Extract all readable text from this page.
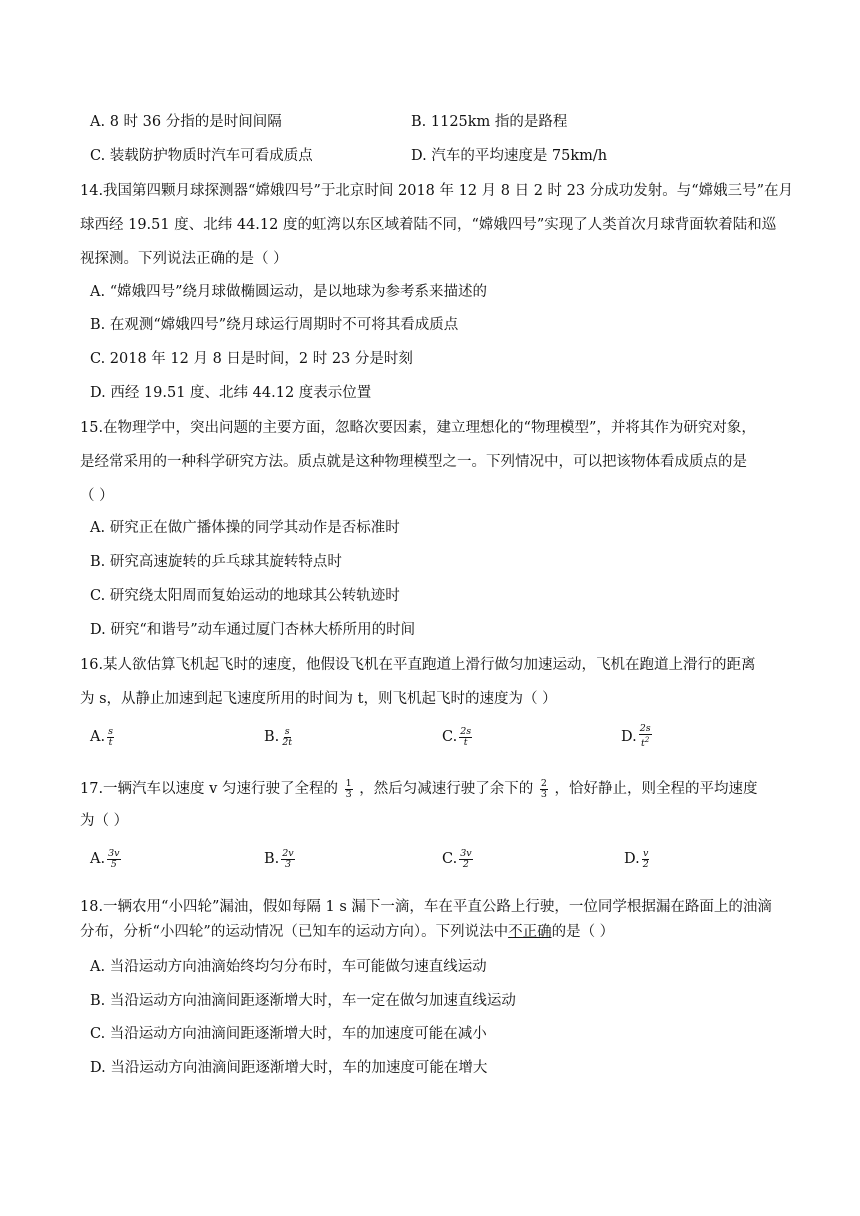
A. 8 时 36 分指的是时间间隔	B. 1125km 指的是路程
C. 装载防护物质时汽车可看成质点	D. 汽车的平均速度是 75km/h
14.我国第四颗月球探测器“嫦娥四号”于北京时间 2018 年 12 月 8 日 2 时 23 分成功发射。与“嫦娥三号”在月
球西经 19.51 度、北纬 44.12 度的虹湾以东区域着陆不同，“嫦娥四号”实现了人类首次月球背面软着陆和巡
视探测。下列说法正确的是（ ）
A. “嫦娥四号”绕月球做椭圆运动，是以地球为参考系来描述的
B. 在观测“嫦娥四号”绕月球运行周期时不可将其看成质点
C. 2018 年 12 月 8 日是时间，2 时 23 分是时刻
D. 西经 19.51 度、北纬 44.12 度表示位置
15.在物理学中，突出问题的主要方面，忽略次要因素，建立理想化的“物理模型”，并将其作为研究对象，
是经常采用的一种科学研究方法。质点就是这种物理模型之一。下列情况中，可以把该物体看成质点的是
（ ）
A. 研究正在做广播体操的同学其动作是否标准时
B. 研究高速旋转的乒乓球其旋转特点时
C. 研究绕太阳周而复始运动的地球其公转轨迹时
D. 研究“和谐号”动车通过厦门杏林大桥所用的时间
16.某人欲估算飞机起飞时的速度，他假设飞机在平直跑道上滑行做匀加速运动，飞机在跑道上滑行的距离
为 s，从静止加速到起飞速度所用的时间为 t，则飞机起飞时的速度为（ ）
A. $\frac{s}{t}$	B. $\frac{s}{2t}$	C. $\frac{2s}{t}$	D. $\frac{2s}{t^2}$
17.一辆汽车以速度 v 匀速行驶了全程的 $\frac{1}{3}$ ，然后匀减速行驶了余下的 $\frac{2}{3}$ ，恰好静止，则全程的平均速度
为（ ）
A. $\frac{3v}{5}$	B. $\frac{2v}{3}$	C. $\frac{3v}{2}$	D. $\frac{v}{2}$
18.一辆农用“小四轮”漏油，假如每隔 1 s 漏下一滴，车在平直公路上行驶，一位同学根据漏在路面上的油滴
分布，分析“小四轮”的运动情况（已知车的运动方向）。下列说法中不正确的是（ ）
A. 当沿运动方向油滴始终均匀分布时，车可能做匀速直线运动
B. 当沿运动方向油滴间距逐渐增大时，车一定在做匀加速直线运动
C. 当沿运动方向油滴间距逐渐增大时，车的加速度可能在减小
D. 当沿运动方向油滴间距逐渐增大时，车的加速度可能在增大
